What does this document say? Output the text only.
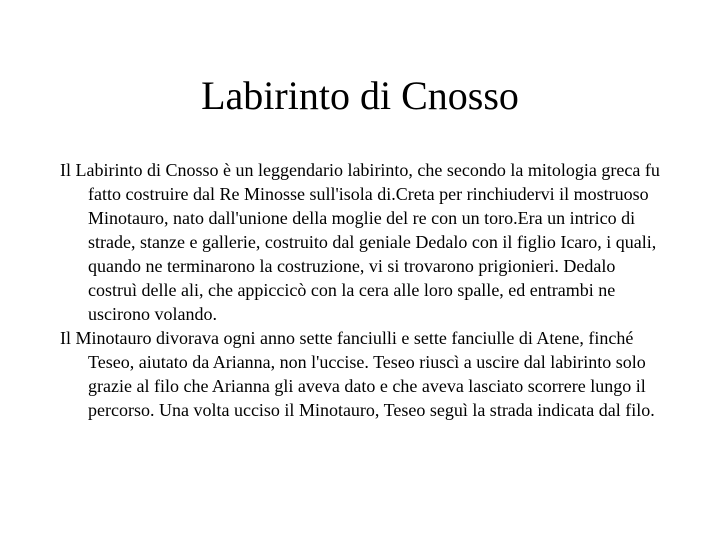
Labirinto di Cnosso

Il Labirinto di Cnosso è un leggendario labirinto, che secondo la mitologia greca fu fatto costruire dal Re Minosse sull'isola di.Creta per rinchiudervi il mostruoso Minotauro, nato dall'unione della moglie del re con un toro.Era un intrico di strade, stanze e gallerie, costruito dal geniale Dedalo con il figlio Icaro, i quali, quando ne terminarono la costruzione, vi si trovarono prigionieri. Dedalo costruì delle ali, che appiccicò con la cera alle loro spalle, ed entrambi ne uscirono volando.

Il Minotauro divorava ogni anno sette fanciulli e sette fanciulle di Atene, finché Teseo, aiutato da Arianna, non l'uccise. Teseo riuscì a uscire dal labirinto solo grazie al filo che Arianna gli aveva dato e che aveva lasciato scorrere lungo il percorso. Una volta ucciso il Minotauro, Teseo seguì la strada indicata dal filo.
